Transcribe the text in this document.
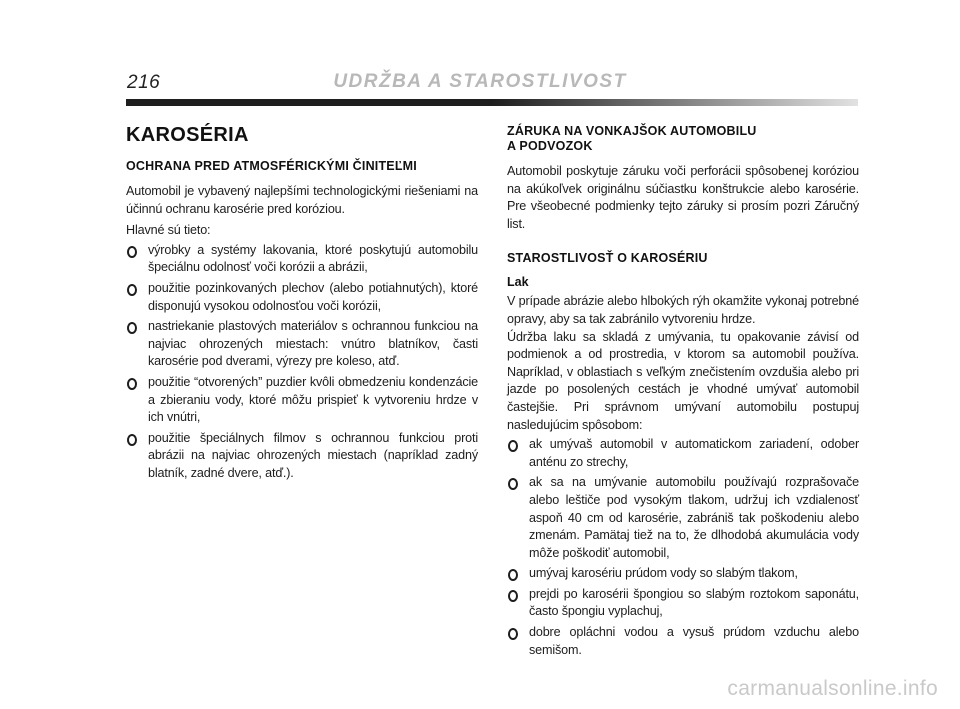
216	UDRŽBA A STAROSTLIVOST
KAROSÉRIA
OCHRANA PRED ATMOSFÉRICKÝMI ČINITEĽMI

Automobil je vybavený najlepšími technologickými riešeniami na účinnú ochranu karosérie pred koróziou.

Hlavné sú tieto:

výrobky a systémy lakovania, ktoré poskytujú automobilu špeciálnu odolnosť voči korózii a abrázii,
použitie pozinkovaných plechov (alebo potiahnutých), ktoré disponujú vysokou odolnosťou voči korózii,
nastriekanie plastových materiálov s ochrannou funkciou na najviac ohrozených miestach: vnútro blatníkov, časti karosérie pod dverami, výrezy pre koleso, atď.
použitie “otvorených” puzdier kvôli obmedzeniu kondenzácie a zbieraniu vody, ktoré môžu prispieť k vytvoreniu hrdze v ich vnútri,
použitie špeciálnych filmov s ochrannou funkciou proti abrázii na najviac ohrozených miestach (napríklad zadný blatník, zadné dvere, atď.).
ZÁRUKA NA VONKAJŠOK AUTOMOBILU
A PODVOZOK

Automobil poskytuje záruku voči perforácii spôsobenej koróziou na akúkoľvek originálnu súčiastku konštrukcie alebo karosérie. Pre všeobecné podmienky tejto záruky si prosím pozri Záručný list.

STAROSTLIVOSŤ O KAROSÉRIU
Lak

V prípade abrázie alebo hlbokých rýh okamžite vykonaj potrebné opravy, aby sa tak zabránilo vytvoreniu hrdze.

Údržba laku sa skladá z umývania, tu opakovanie závisí od podmienok a od prostredia, v ktorom sa automobil používa. Napríklad, v oblastiach s veľkým znečistením ovzdušia alebo pri jazde po posolených cestách je vhodné umývať automobil častejšie. Pri správnom umývaní automobilu postupuj nasledujúcim spôsobom:

ak umývaš automobil v automatickom zariadení, odober anténu zo strechy,
ak sa na umývanie automobilu používajú rozprašovače alebo leštiče pod vysokým tlakom, udržuj ich vzdialenosť aspoň 40 cm od karosérie, zabrániš tak poškodeniu alebo zmenám. Pamätaj tiež na to, že dlhodobá akumulácia vody môže poškodiť automobil,
umývaj karosériu prúdom vody so slabým tlakom,
prejdi po karosérii špongiou so slabým roztokom saponátu, často špongiu vyplachuj,
dobre opláchni vodou a vysuš prúdom vzduchu alebo semišom.
carmanualsonline.info
